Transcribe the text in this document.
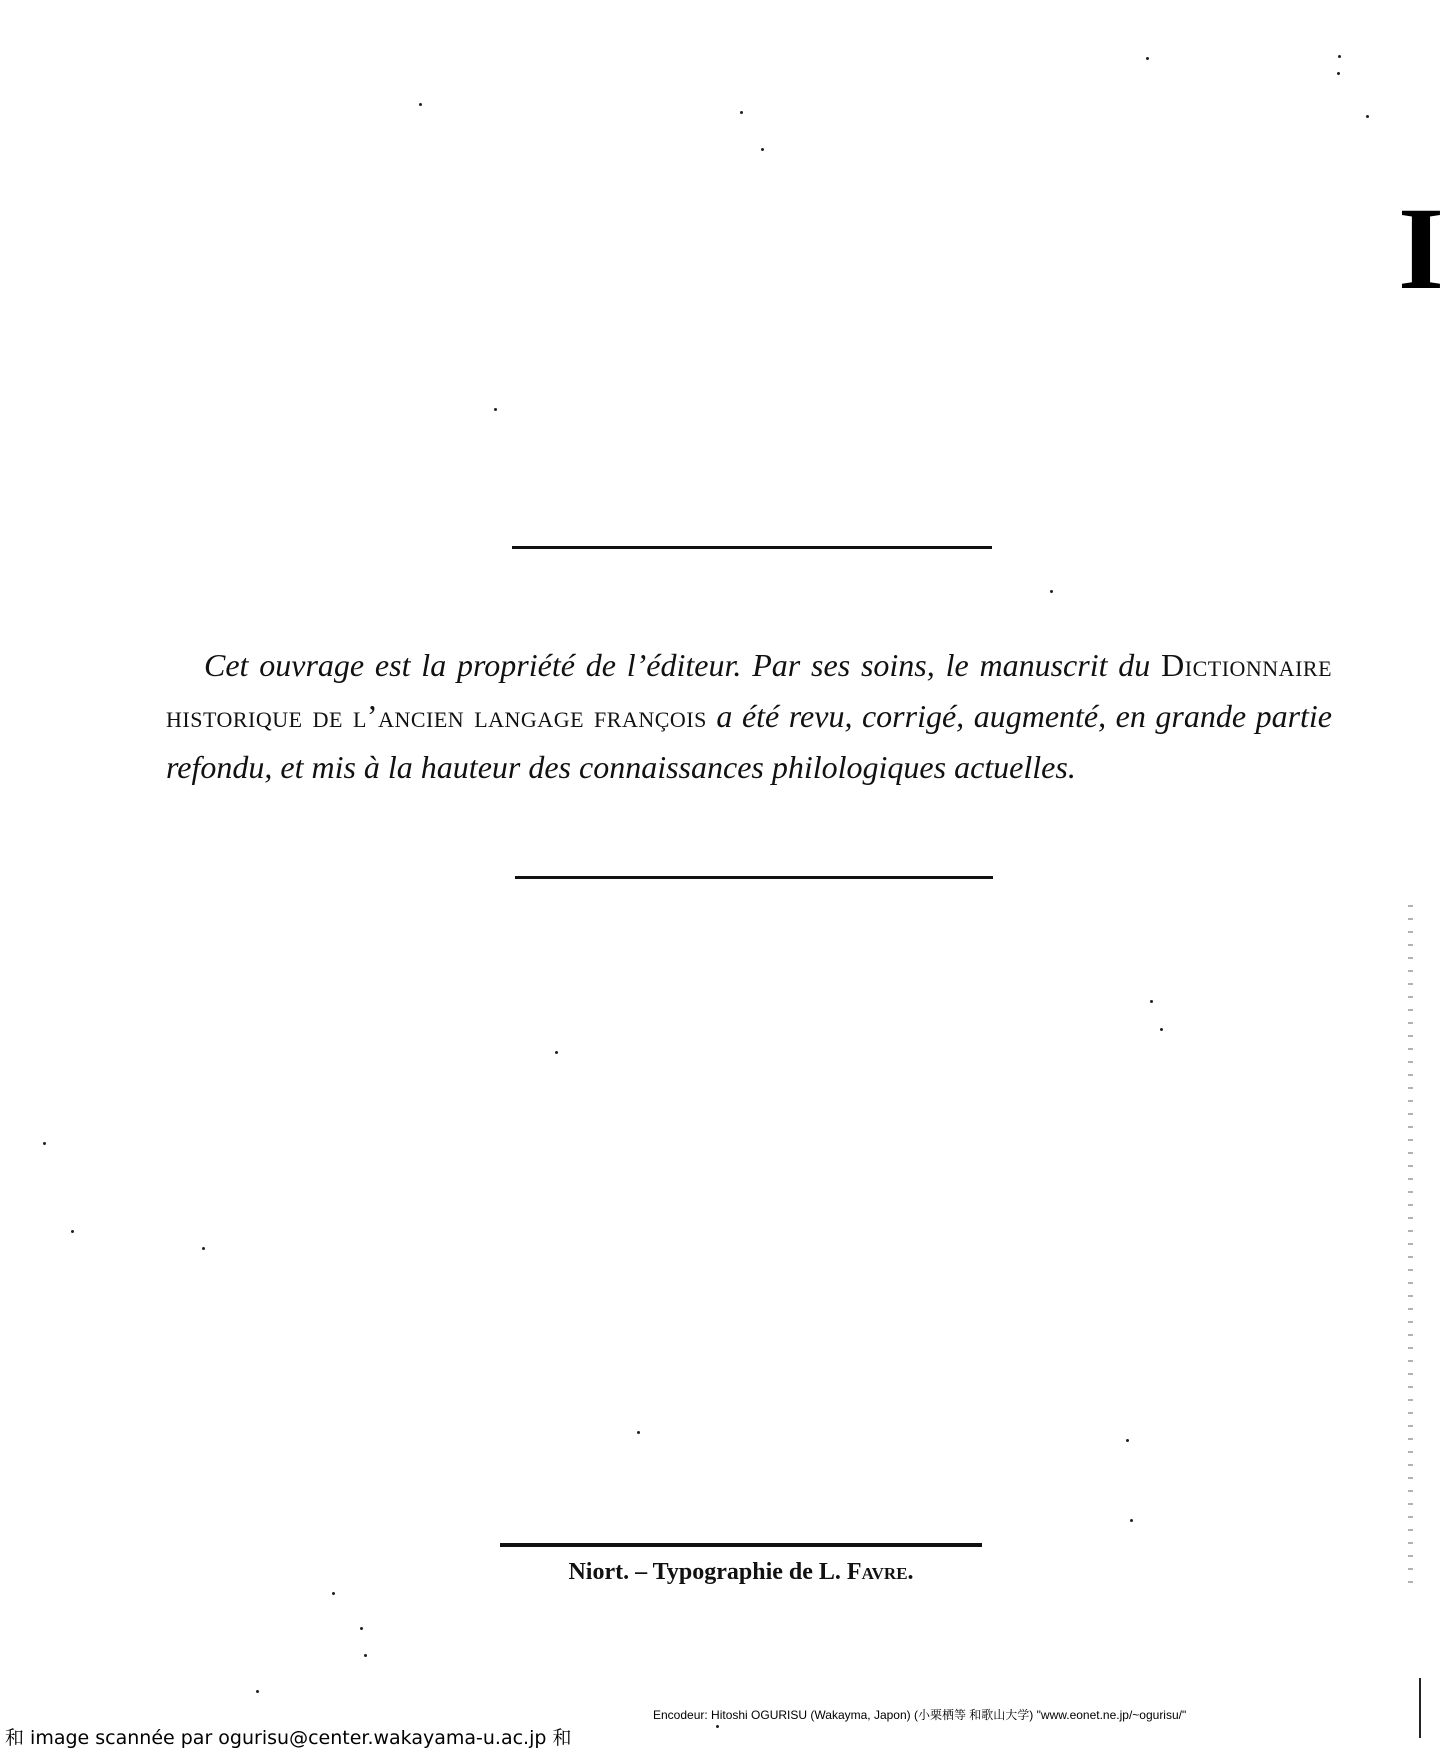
I

Cet ouvrage est la propriété de l’éditeur. Par ses soins, le manuscrit du Dictionnaire historique de l’ancien langage françois a été revu, corrigé, augmenté, en grande partie refondu, et mis à la hauteur des connaissances philologiques actuelles.

Niort. – Typographie de L. Favre.
Encodeur: Hitoshi OGURISU (Wakayma, Japon) (小栗栖等 和歌山大学) "www.eonet.ne.jp/~ogurisu/"
和 image scannée par ogurisu@center.wakayama-u.ac.jp 和
